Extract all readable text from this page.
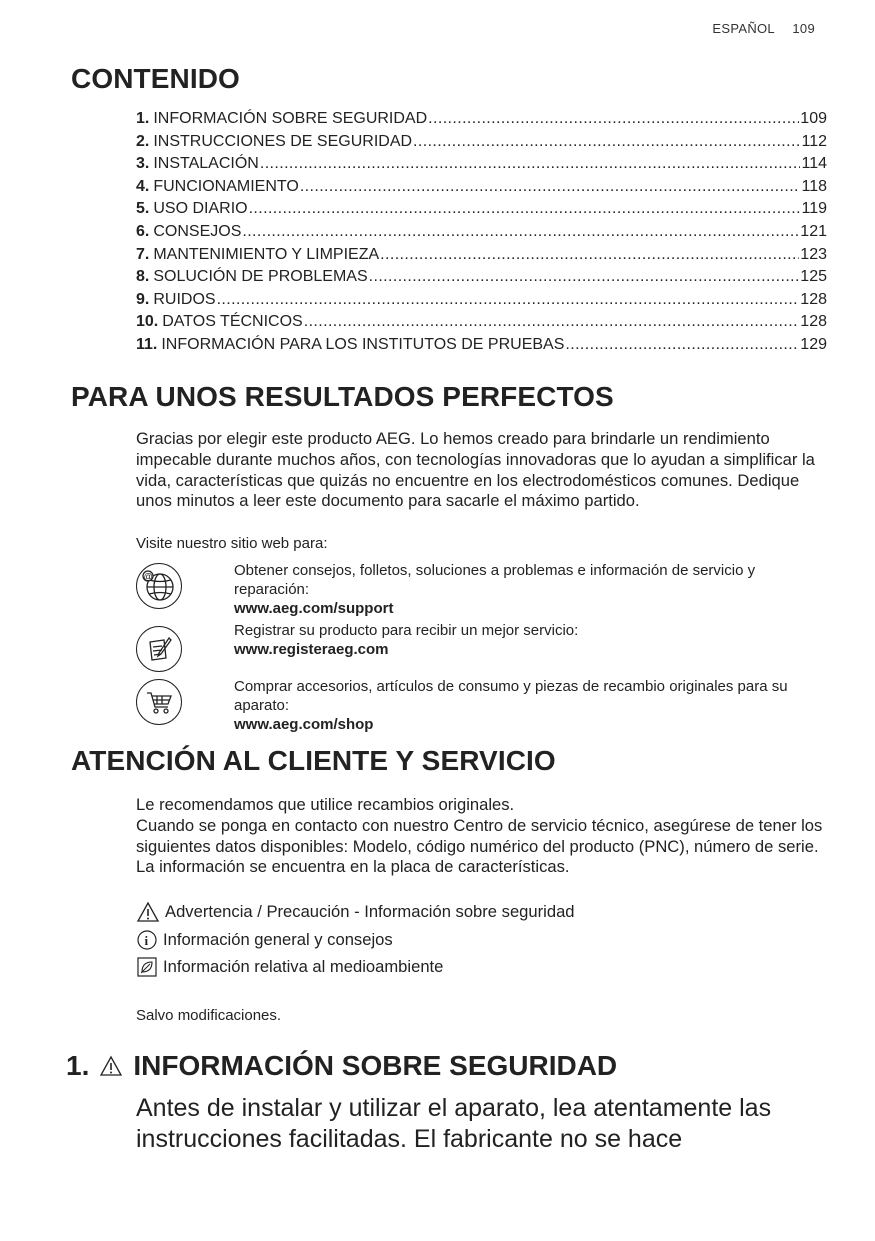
ESPAÑOL 109
CONTENIDO
1. INFORMACIÓN SOBRE SEGURIDAD .....	109
2. INSTRUCCIONES DE SEGURIDAD .....	112
3. INSTALACIÓN .....	114
4. FUNCIONAMIENTO .....	118
5. USO DIARIO .....	119
6. CONSEJOS .....	121
7. MANTENIMIENTO Y LIMPIEZA .....	123
8. SOLUCIÓN DE PROBLEMAS .....	125
9. RUIDOS .....	128
10. DATOS TÉCNICOS .....	128
11. INFORMACIÓN PARA LOS INSTITUTOS DE PRUEBAS .....	129
PARA UNOS RESULTADOS PERFECTOS
Gracias por elegir este producto AEG. Lo hemos creado para brindarle un rendimiento impecable durante muchos años, con tecnologías innovadoras que lo ayudan a simplificar la vida, características que quizás no encuentre en los electrodomésticos comunes. Dedique unos minutos a leer este documento para sacarle el máximo partido.
Visite nuestro sitio web para:
@	Obtener consejos, folletos, soluciones a problemas e información de servicio y reparación:
www.aeg.com/support
Registrar su producto para recibir un mejor servicio:
www.registeraeg.com
Comprar accesorios, artículos de consumo y piezas de recambio originales para su aparato:
www.aeg.com/shop
ATENCIÓN AL CLIENTE Y SERVICIO
Le recomendamos que utilice recambios originales.
Cuando se ponga en contacto con nuestro Centro de servicio técnico, asegúrese de tener los siguientes datos disponibles: Modelo, código numérico del producto (PNC), número de serie.
La información se encuentra en la placa de características.
Advertencia / Precaución - Información sobre seguridad
i Información general y consejos
Información relativa al medioambiente
Salvo modificaciones.
1. INFORMACIÓN SOBRE SEGURIDAD
Antes de instalar y utilizar el aparato, lea atentamente las instrucciones facilitadas. El fabricante no se hace
